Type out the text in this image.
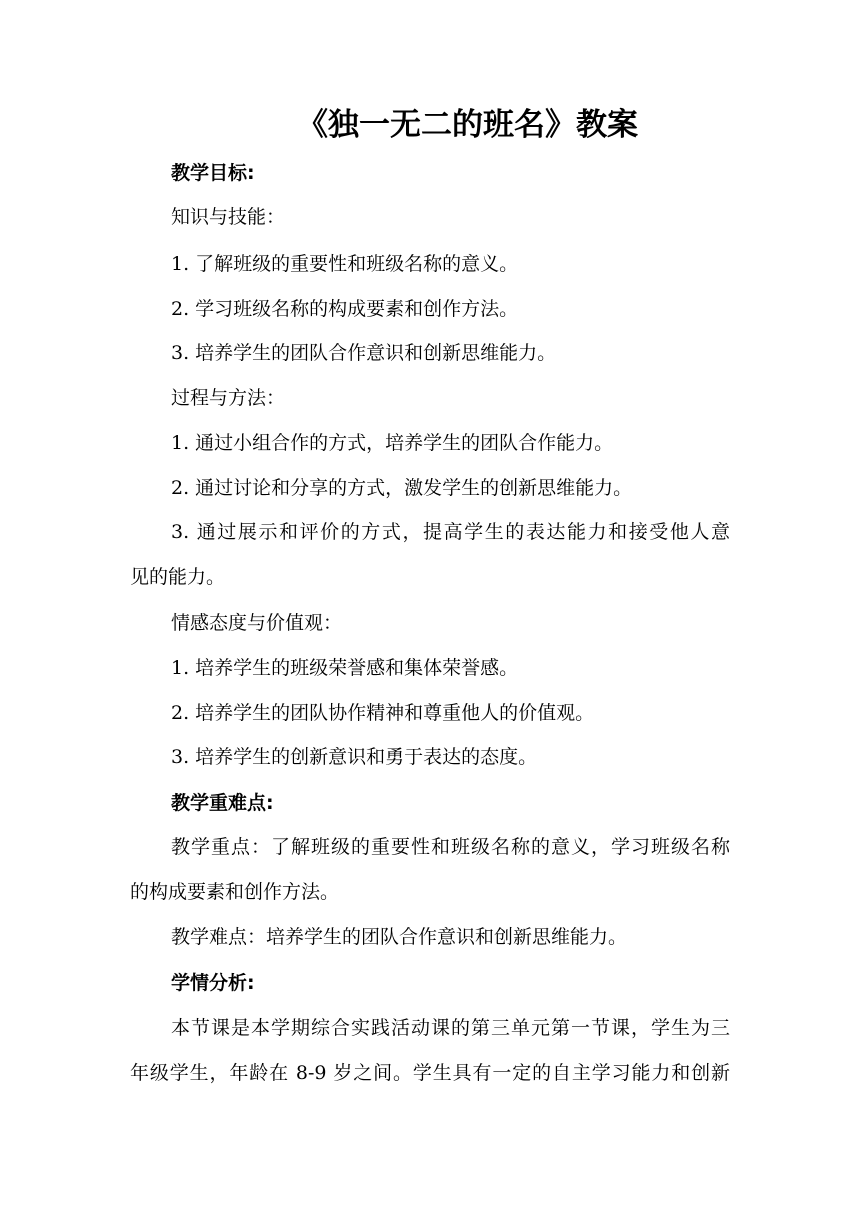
《独一无二的班名》教案
教学目标:
知识与技能：
1. 了解班级的重要性和班级名称的意义。
2. 学习班级名称的构成要素和创作方法。
3. 培养学生的团队合作意识和创新思维能力。
过程与方法：
1. 通过小组合作的方式，培养学生的团队合作能力。
2. 通过讨论和分享的方式，激发学生的创新思维能力。
3. 通过展示和评价的方式，提高学生的表达能力和接受他人意
见的能力。
情感态度与价值观：
1. 培养学生的班级荣誉感和集体荣誉感。
2. 培养学生的团队协作精神和尊重他人的价值观。
3. 培养学生的创新意识和勇于表达的态度。
教学重难点:
教学重点：了解班级的重要性和班级名称的意义，学习班级名称
的构成要素和创作方法。
教学难点：培养学生的团队合作意识和创新思维能力。
学情分析:
本节课是本学期综合实践活动课的第三单元第一节课，学生为三
年级学生，年龄在 8-9 岁之间。学生具有一定的自主学习能力和创新
